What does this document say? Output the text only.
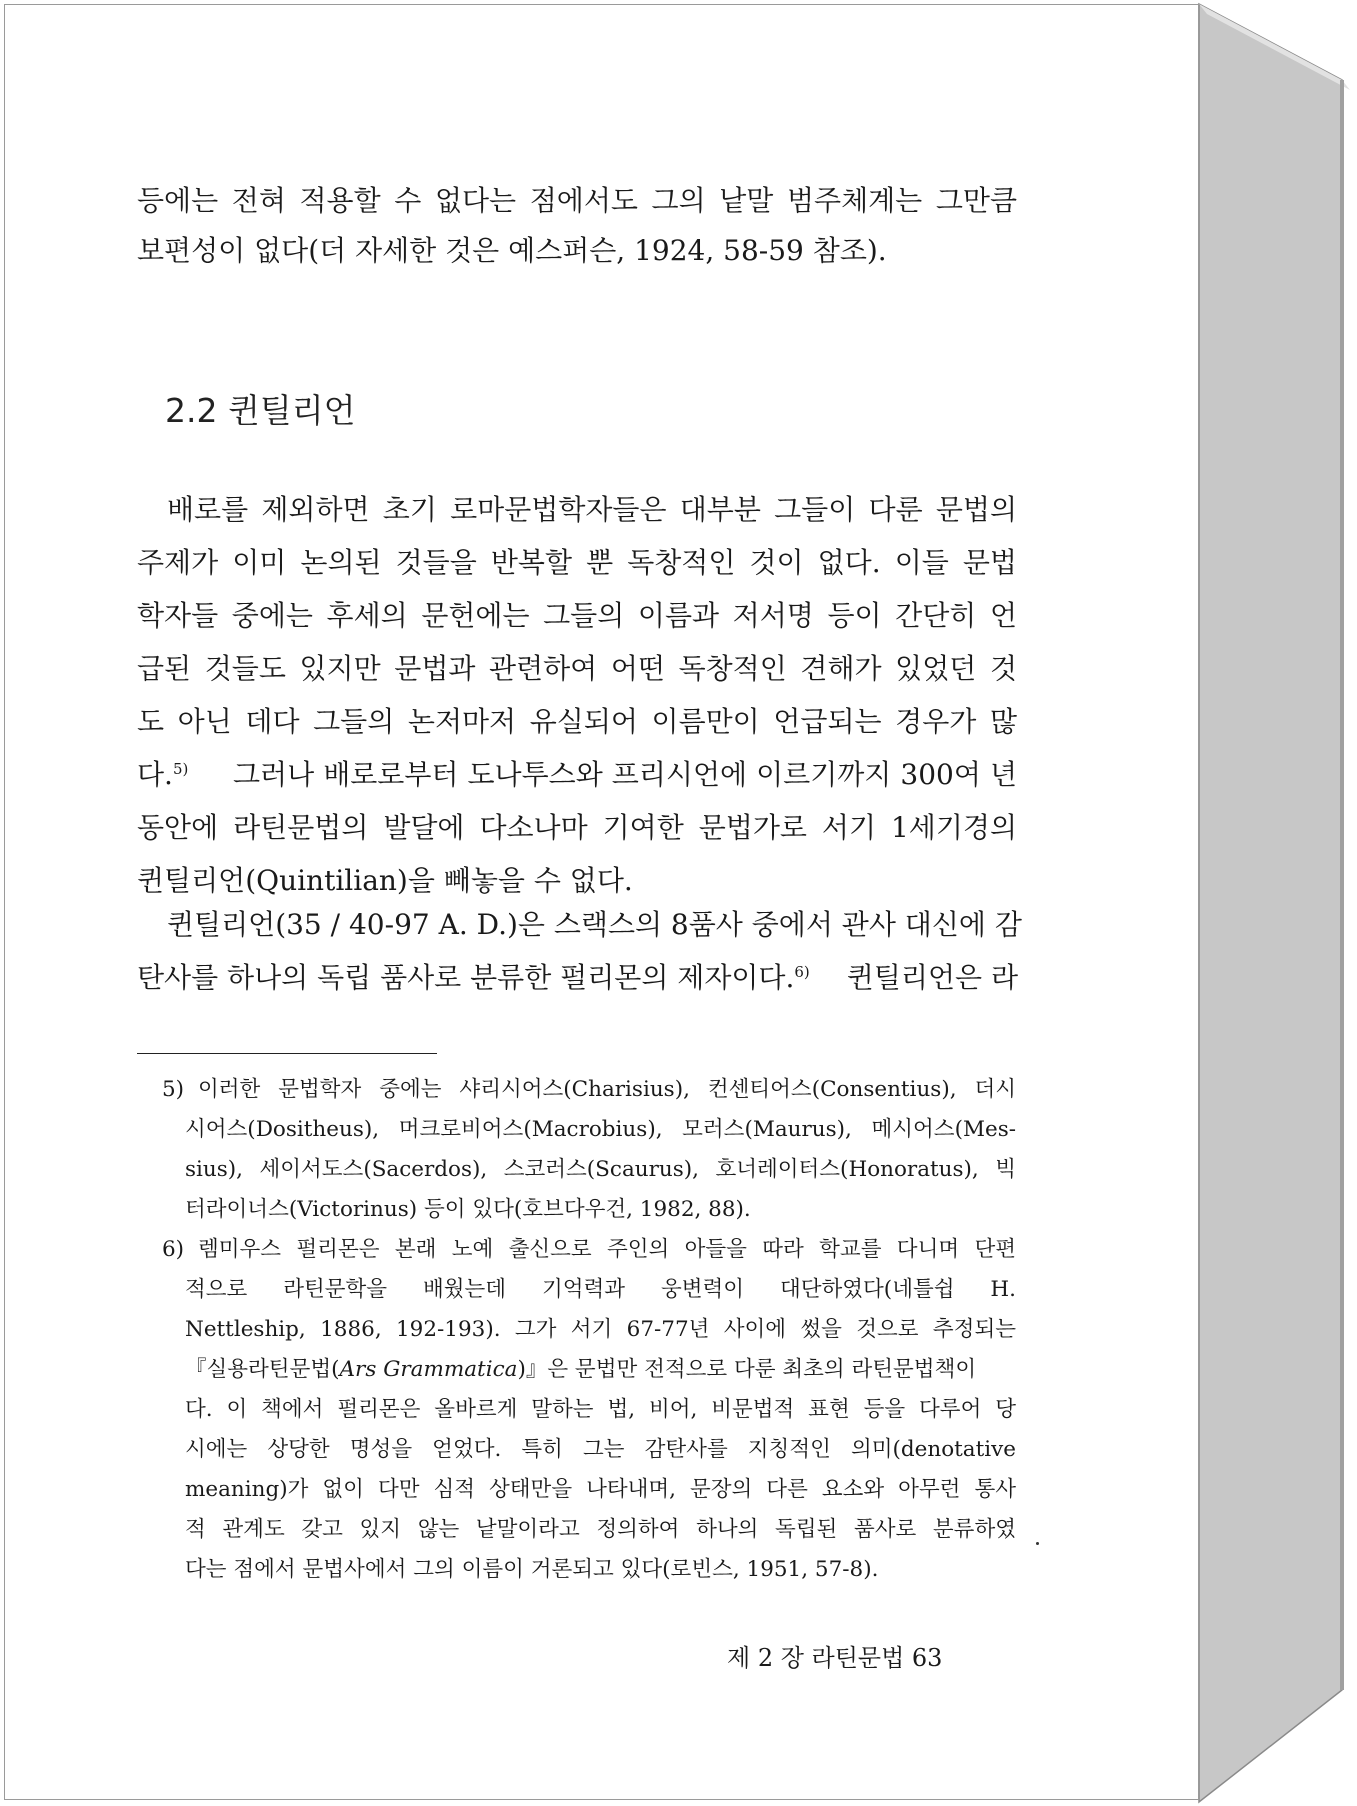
등에는 전혀 적용할 수 없다는 점에서도 그의 낱말 범주체계는 그만큼
보편성이 없다(더 자세한 것은 예스퍼슨, 1924, 58-59 참조).
2.2 퀸틸리언
배로를 제외하면 초기 로마문법학자들은 대부분 그들이 다룬 문법의
주제가 이미 논의된 것들을 반복할 뿐 독창적인 것이 없다. 이들 문법
학자들 중에는 후세의 문헌에는 그들의 이름과 저서명 등이 간단히 언
급된 것들도 있지만 문법과 관련하여 어떤 독창적인 견해가 있었던 것
도 아닌 데다 그들의 논저마저 유실되어 이름만이 언급되는 경우가 많
다.$^{5)}$	그러나 배로로부터 도나투스와 프리시언에 이르기까지 300여 년
동안에 라틴문법의 발달에 다소나마 기여한 문법가로 서기 1세기경의
퀸틸리언(Quintilian)을 빼놓을 수 없다.
퀸틸리언(35 / 40-97 A. D.)은 스랙스의 8품사 중에서 관사 대신에 감
탄사를 하나의 독립 품사로 분류한 펄리몬의 제자이다.$^{6)}$	퀸틸리언은 라
5) 이러한 문법학자 중에는 샤리시어스(Charisius), 컨센티어스(Consentius), 더시
시어스(Dositheus), 머크로비어스(Macrobius), 모러스(Maurus), 메시어스(Mes-
sius), 세이서도스(Sacerdos), 스코러스(Scaurus), 호너레이터스(Honoratus), 빅
터라이너스(Victorinus) 등이 있다(호브다우건, 1982, 88).
6) 렘미우스 펄리몬은 본래 노예 출신으로 주인의 아들을 따라 학교를 다니며 단편
적으로 라틴문학을 배웠는데 기억력과 웅변력이 대단하였다(네틀쉽 H.
Nettleship, 1886, 192-193). 그가 서기 67-77년 사이에 썼을 것으로 추정되는
『실용라틴문법(Ars Grammatica)』은 문법만 전적으로 다룬 최초의 라틴문법책이
다. 이 책에서 펄리몬은 올바르게 말하는 법, 비어, 비문법적 표현 등을 다루어 당
시에는 상당한 명성을 얻었다. 특히 그는 감탄사를 지칭적인 의미(denotative
meaning)가 없이 다만 심적 상태만을 나타내며, 문장의 다른 요소와 아무런 통사
적 관계도 갖고 있지 않는 낱말이라고 정의하여 하나의 독립된 품사로 분류하였
다는 점에서 문법사에서 그의 이름이 거론되고 있다(로빈스, 1951, 57-8).
제 2 장 라틴문법 63
